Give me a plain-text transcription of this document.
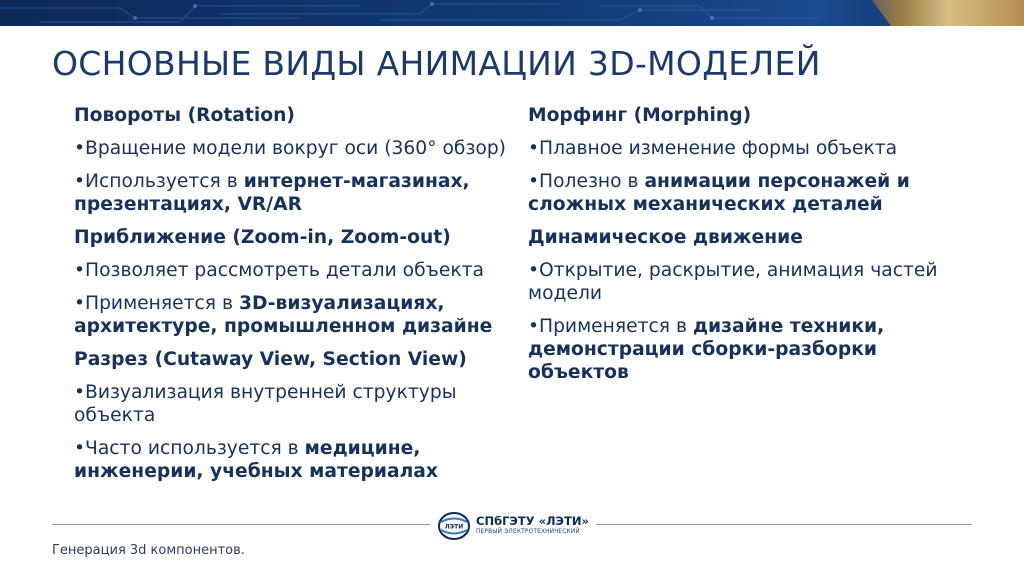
ОСНОВНЫЕ ВИДЫ АНИМАЦИИ 3D-МОДЕЛЕЙ

Повороты (Rotation)

•Вращение модели вокруг оси (360° обзор)

•Используется в интернет-магазинах, презентациях, VR/AR

Приближение (Zoom-in, Zoom-out)

•Позволяет рассмотреть детали объекта

•Применяется в 3D-визуализациях, архитектуре, промышленном дизайне

Разрез (Cutaway View, Section View)

•Визуализация внутренней структуры объекта

•Часто используется в медицине, инженерии, учебных материалах

Морфинг (Morphing)

•Плавное изменение формы объекта

•Полезно в анимации персонажей и сложных механических деталей

Динамическое движение

•Открытие, раскрытие, анимация частей модели

•Применяется в дизайне техники, демонстрации сборки-разборки объектов

Генерация 3d компонентов.
ЛЭТИ СПбГЭТУ «ЛЭТИ»
ПЕРВЫЙ ЭЛЕКТРОТЕХНИЧЕСКИЙ
